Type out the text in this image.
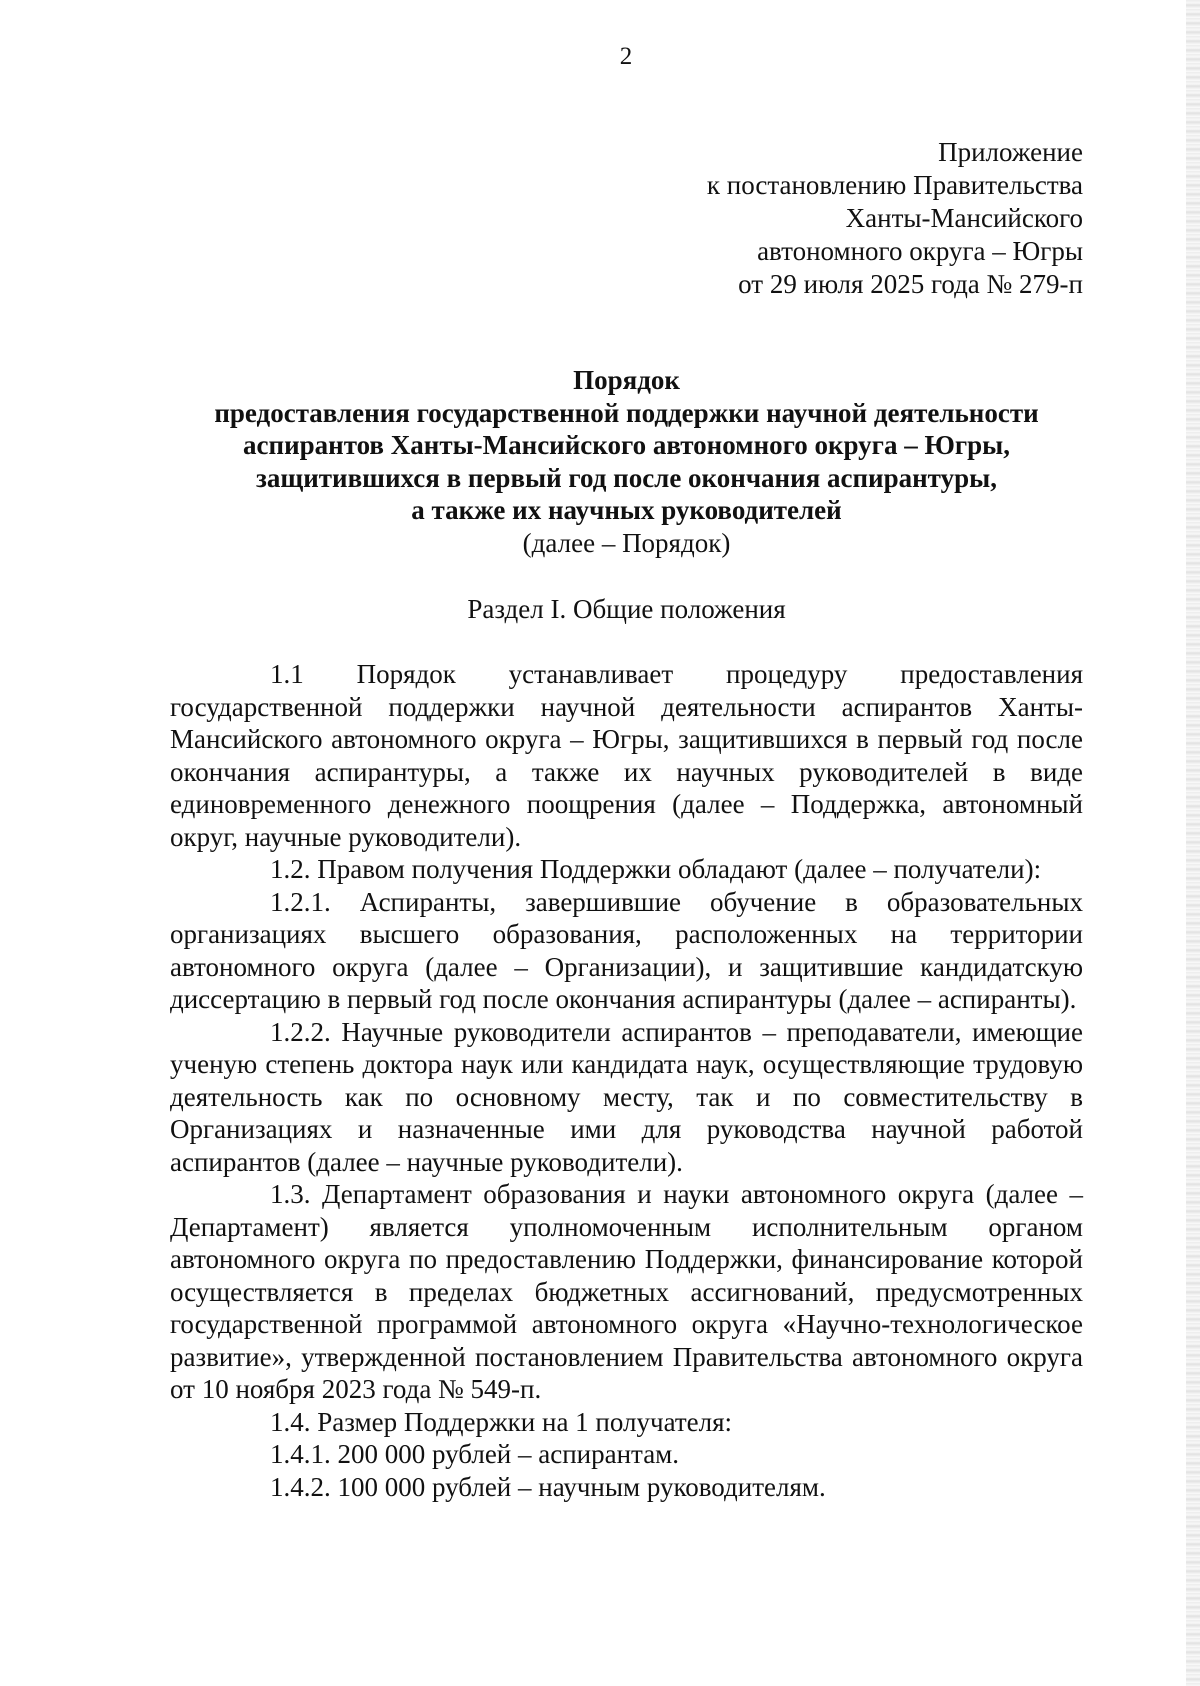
2
Приложение
к постановлению Правительства
Ханты-Мансийского
автономного округа – Югры
от 29 июля 2025 года № 279-п
Порядок
предоставления государственной поддержки научной деятельности
аспирантов Ханты-Мансийского автономного округа – Югры,
защитившихся в первый год после окончания аспирантуры,
а также их научных руководителей
(далее – Порядок)
Раздел I. Общие положения

1.1 Порядок устанавливает процедуру предоставления государственной поддержки научной деятельности аспирантов Ханты-Мансийского автономного округа – Югры, защитившихся в первый год после окончания аспирантуры, а также их научных руководителей в виде единовременного денежного поощрения (далее – Поддержка, автономный округ, научные руководители).

1.2. Правом получения Поддержки обладают (далее – получатели):

1.2.1. Аспиранты, завершившие обучение в образовательных организациях высшего образования, расположенных на территории автономного округа (далее – Организации), и защитившие кандидатскую диссертацию в первый год после окончания аспирантуры (далее – аспиранты).

1.2.2. Научные руководители аспирантов – преподаватели, имеющие ученую степень доктора наук или кандидата наук, осуществляющие трудовую деятельность как по основному месту, так и по совместительству в Организациях и назначенные ими для руководства научной работой аспирантов (далее – научные руководители).

1.3. Департамент образования и науки автономного округа (далее – Департамент) является уполномоченным исполнительным органом автономного округа по предоставлению Поддержки, финансирование которой осуществляется в пределах бюджетных ассигнований, предусмотренных государственной программой автономного округа «Научно-технологическое развитие», утвержденной постановлением Правительства автономного округа от 10 ноября 2023 года № 549-п.

1.4. Размер Поддержки на 1 получателя:

1.4.1. 200 000 рублей – аспирантам.

1.4.2. 100 000 рублей – научным руководителям.
